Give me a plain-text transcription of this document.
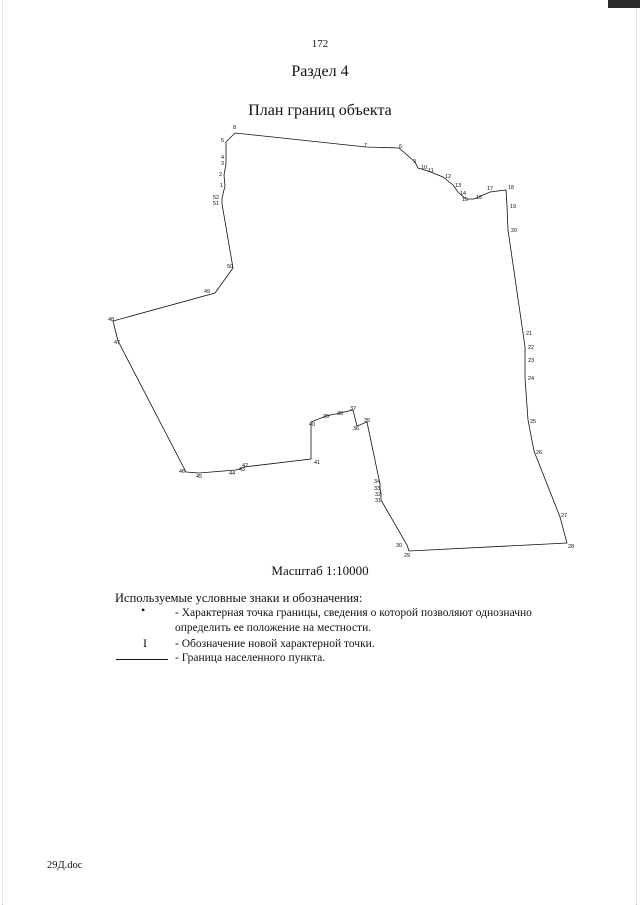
172
Раздел 4
План границ объекта
8
5
4
3
2
1
52
51
50
49
48
47
46
45	44
43
42	41
40
39 38
37
36
35
34
33
32
31
30
29
28
27
26
25
24
23
22
21
20
19
18
17
16
15
14
13
12
11
10
9
6
7
Масштаб 1:10000
Используемые условные знаки и обозначения:
•	- Характерная точка границы, сведения о которой позволяют однозначно
определить ее положение на местности.
I - Обозначение новой характерной точки.
- Граница населенного пункта.
29Д.doc
